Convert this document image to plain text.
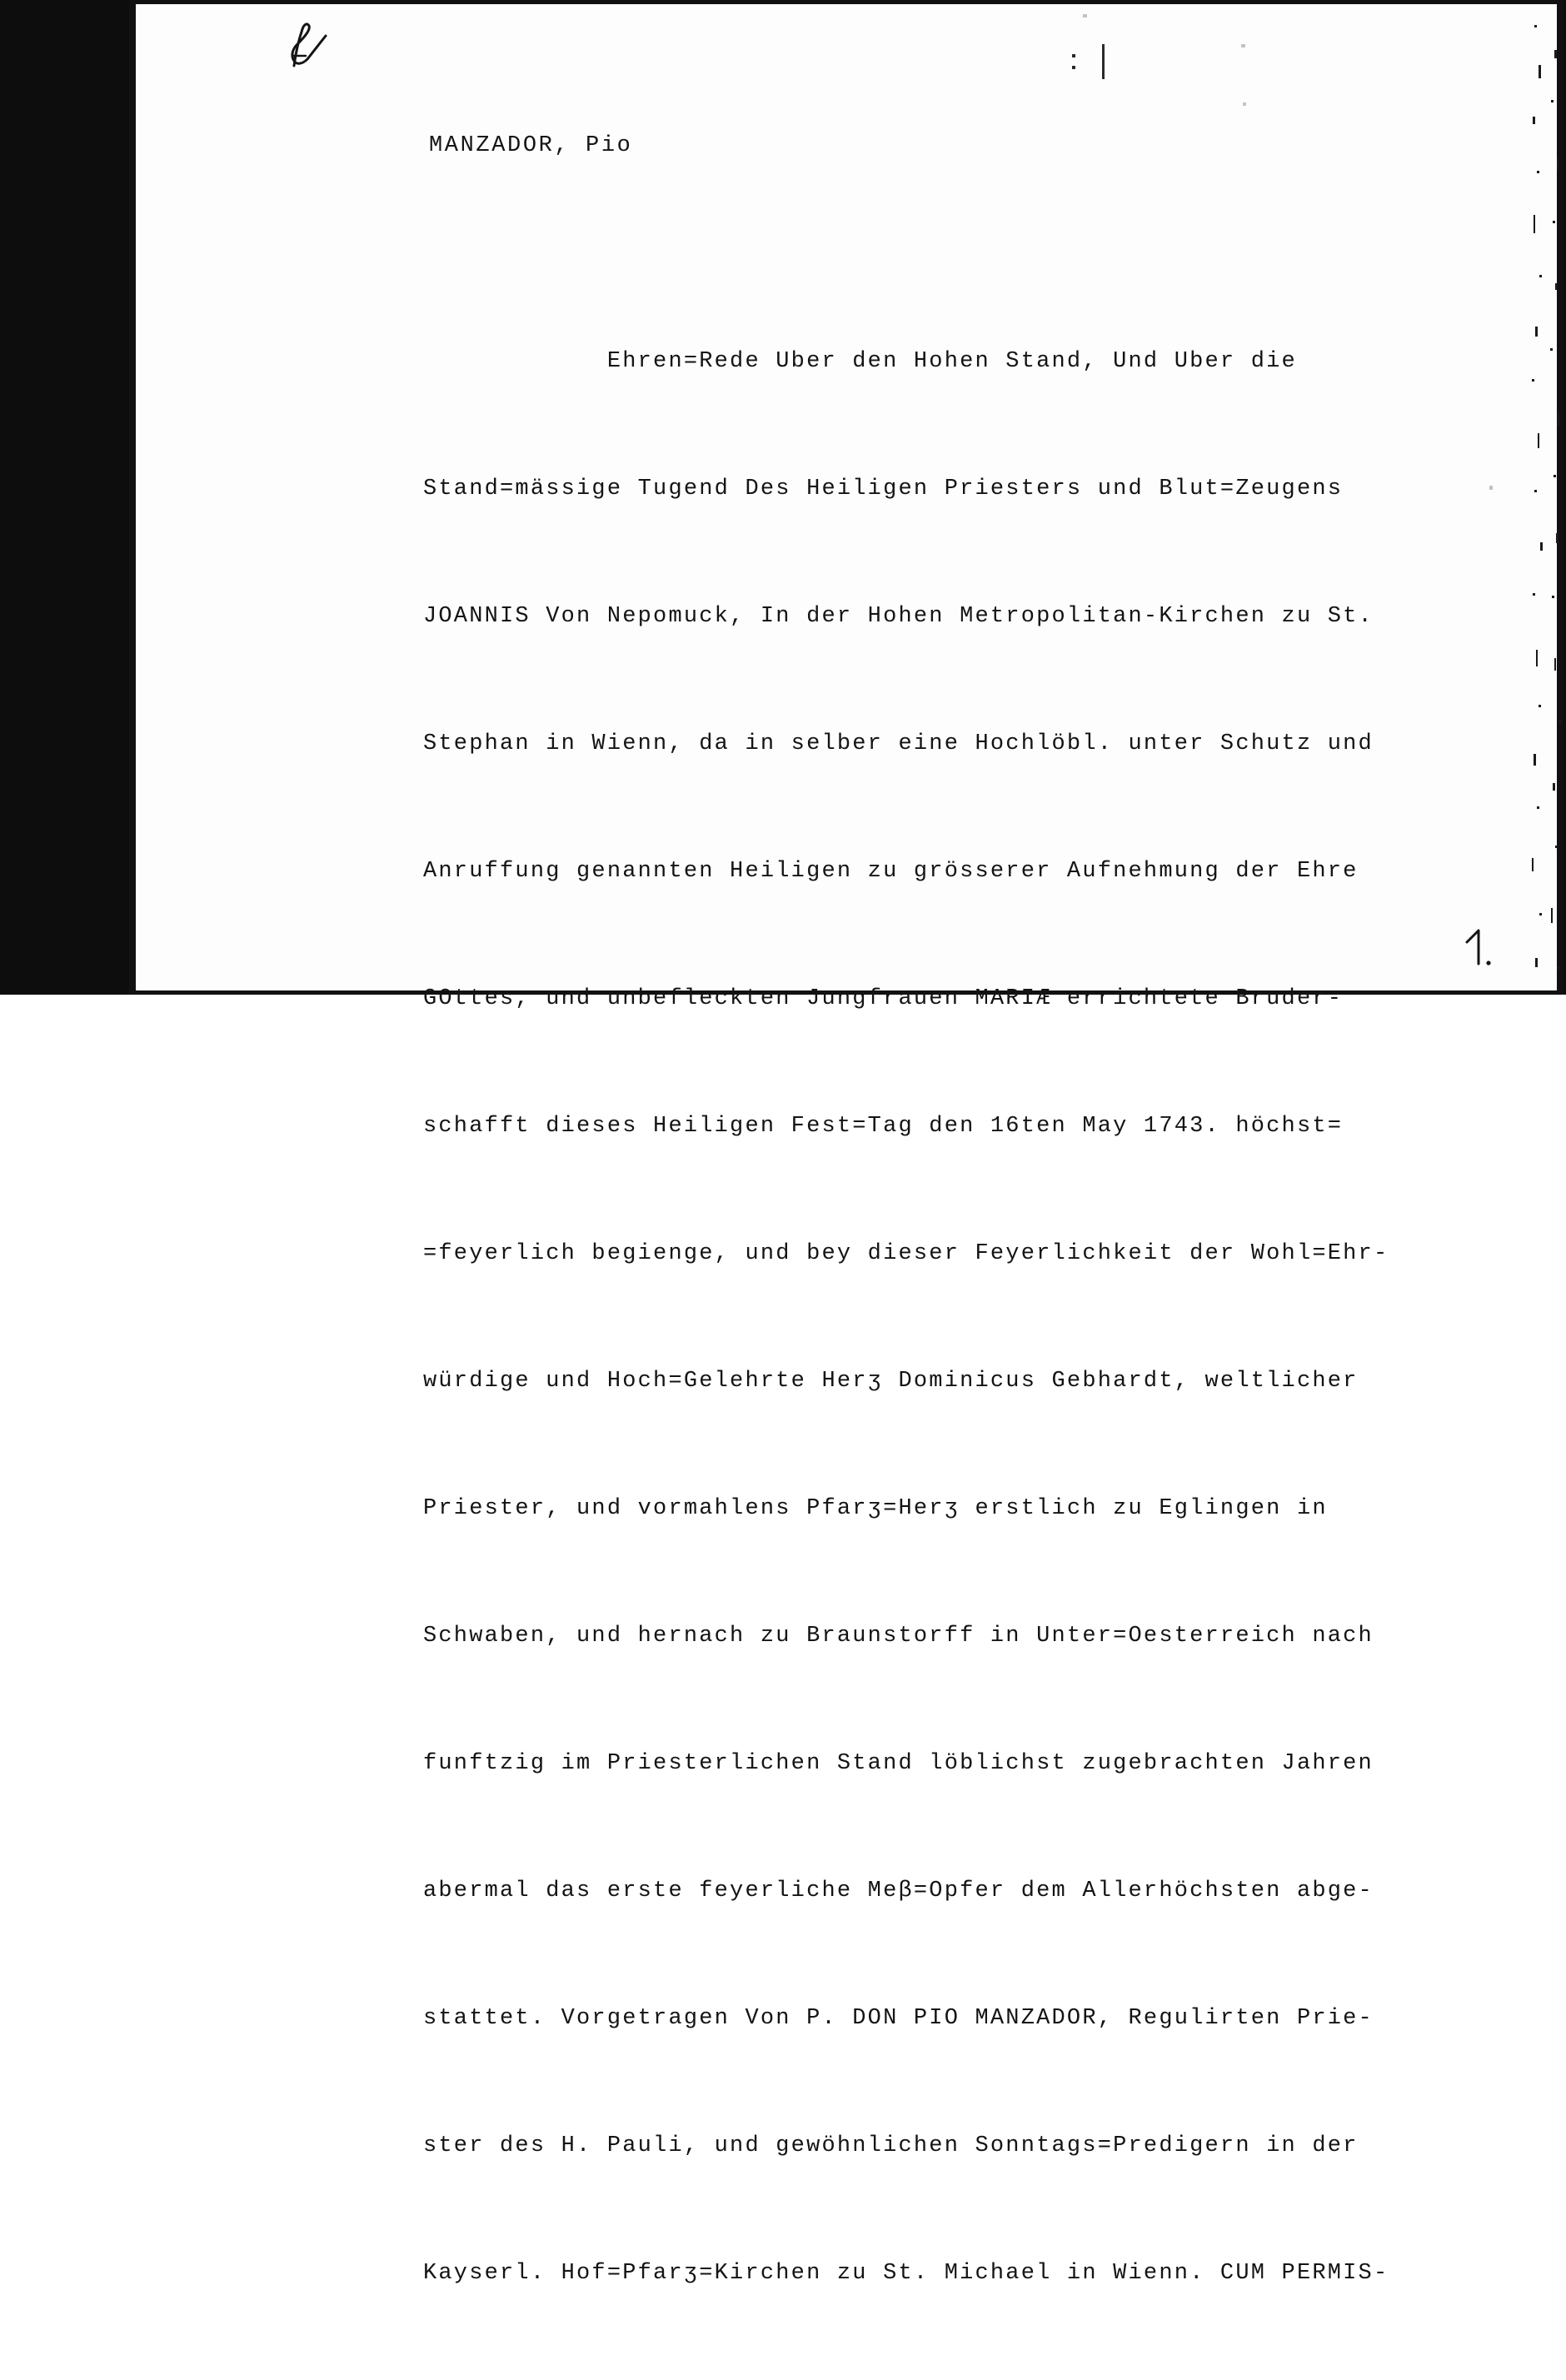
MANZADOR, Pio

Ehren=Rede Uber den Hohen Stand, Und Uber die

Stand=mässige Tugend Des Heiligen Priesters und Blut=Zeugens

JOANNIS Von Nepomuck, In der Hohen Metropolitan-Kirchen zu St.

Stephan in Wienn, da in selber eine Hochlöbl. unter Schutz und

Anruffung genannten Heiligen zu grösserer Aufnehmung der Ehre

GOttes, und unbefleckten Jungfrauen MARIÆ errichtete Bruder-

schafft dieses Heiligen Fest=Tag den 16ten May 1743. höchst=

=feyerlich begienge, und bey dieser Feyerlichkeit der Wohl=Ehr-

würdige und Hoch=Gelehrte Herʒ Dominicus Gebhardt, weltlicher

Priester, und vormahlens Pfarʒ=Herʒ erstlich zu Eglingen in

Schwaben, und hernach zu Braunstorff in Unter=Oesterreich nach

funftzig im Priesterlichen Stand löblichst zugebrachten Jahren

abermal das erste feyerliche Meβ=Opfer dem Allerhöchsten abge-

stattet. Vorgetragen Von P. DON PIO MANZADOR, Regulirten Prie-

ster des H. Pauli, und gewöhnlichen Sonntags=Predigern in der

Kayserl. Hof=Pfarʒ=Kirchen zu St. Michael in Wienn. CUM PERMIS-
